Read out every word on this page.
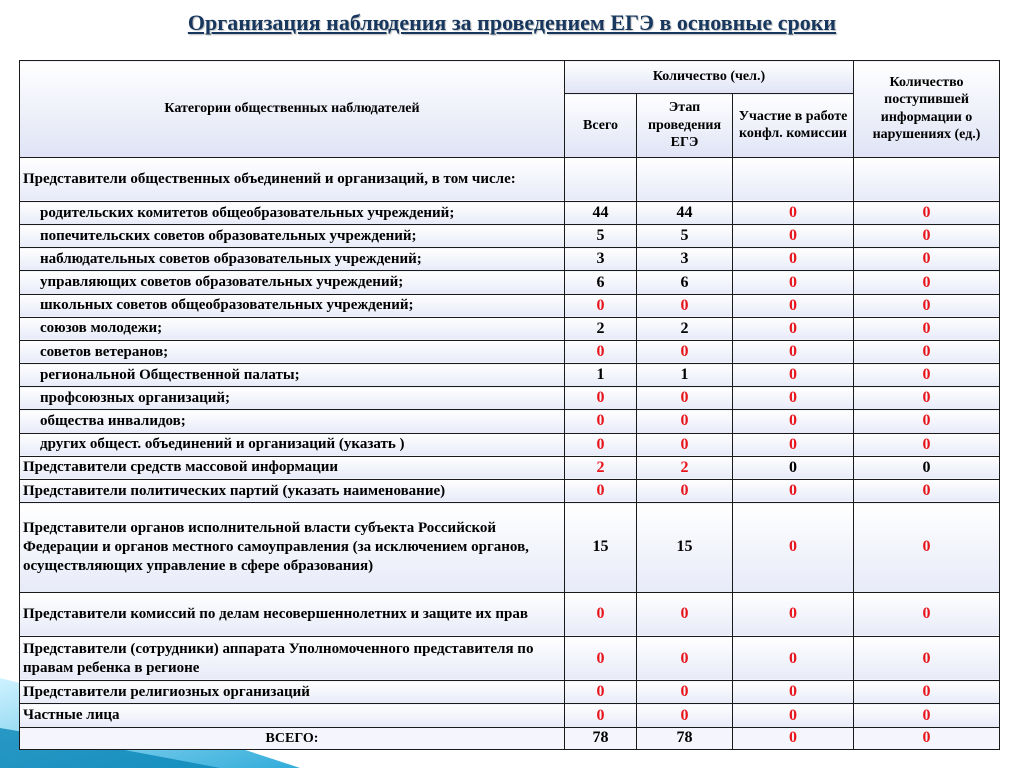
Организация наблюдения за проведением ЕГЭ в основные сроки
Категории общественных наблюдателей	Количество (чел.)			Количество поступившей информации о нарушениях (ед.)
	Всего	Этап проведения ЕГЭ	Участие в работе конфл. комиссии	
Представители общественных объединений и организаций, в том числе:				
родительских комитетов общеобразовательных учреждений;	44	44	0	0
попечительских советов образовательных учреждений;	5	5	0	0
наблюдательных советов образовательных учреждений;	3	3	0	0
управляющих советов образовательных учреждений;	6	6	0	0
школьных советов общеобразовательных учреждений;	0	0	0	0
союзов молодежи;	2	2	0	0
советов ветеранов;	0	0	0	0
региональной Общественной палаты;	1	1	0	0
профсоюзных организаций;	0	0	0	0
общества инвалидов;	0	0	0	0
других общест. объединений и организаций (указать )	0	0	0	0
Представители средств массовой информации	2	2	0	0
Представители политических партий (указать наименование)	0	0	0	0
Представители органов исполнительной власти субъекта Российской Федерации и органов местного самоуправления (за исключением органов, осуществляющих управление в сфере образования)	15	15	0	0
Представители комиссий по делам несовершеннолетних и защите их прав	0	0	0	0
Представители (сотрудники) аппарата Уполномоченного представителя по правам ребенка в регионе	0	0	0	0
Представители религиозных организаций	0	0	0	0
Частные лица	0	0	0	0
ВСЕГО:	78	78	0	0
